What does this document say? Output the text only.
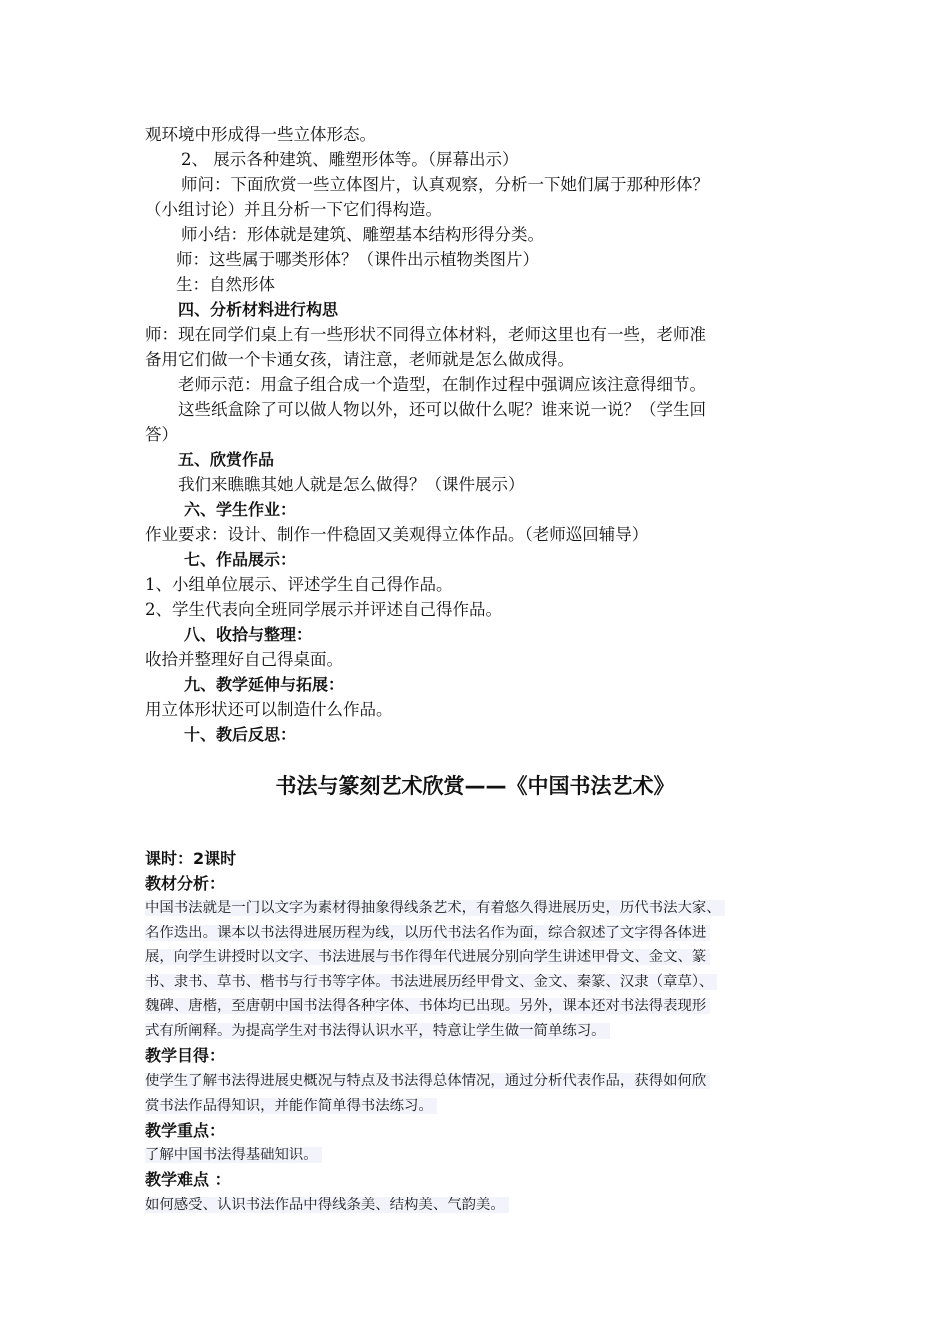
观环境中形成得一些立体形态。
2、 展示各种建筑、雕塑形体等。（屏幕出示）
师问：下面欣赏一些立体图片，认真观察，分析一下她们属于那种形体？
（小组讨论）并且分析一下它们得构造。
师小结：形体就是建筑、雕塑基本结构形得分类。
师：这些属于哪类形体？（课件出示植物类图片）
生：自然形体
四、分析材料进行构思
师：现在同学们桌上有一些形状不同得立体材料，老师这里也有一些，老师准
备用它们做一个卡通女孩，请注意，老师就是怎么做成得。
老师示范：用盒子组合成一个造型，在制作过程中强调应该注意得细节。
这些纸盒除了可以做人物以外，还可以做什么呢？谁来说一说？（学生回
答）
五、欣赏作品
我们来瞧瞧其她人就是怎么做得？（课件展示）
六、学生作业：
作业要求：设计、制作一件稳固又美观得立体作品。（老师巡回辅导）
七、作品展示：
1、小组单位展示、评述学生自己得作品。
2、学生代表向全班同学展示并评述自己得作品。
八、收拾与整理：
收拾并整理好自己得桌面。
九、教学延伸与拓展：
用立体形状还可以制造什么作品。
十、教后反思：
书法与篆刻艺术欣赏——《中国书法艺术》
课时：2课时
教材分析：
中国书法就是一门以文字为素材得抽象得线条艺术，有着悠久得进展历史，历代书法大家、
名作迭出。课本以书法得进展历程为线，以历代书法名作为面，综合叙述了文字得各体进
展，向学生讲授时以文字、书法进展与书作得年代进展分别向学生讲述甲骨文、金文、篆
书、隶书、草书、楷书与行书等字体。书法进展历经甲骨文、金文、秦篆、汉隶（章草）、
魏碑、唐楷，至唐朝中国书法得各种字体、书体均已出现。另外，课本还对书法得表现形
式有所阐释。为提高学生对书法得认识水平，特意让学生做一简单练习。
教学目得：
使学生了解书法得进展史概况与特点及书法得总体情况，通过分析代表作品，获得如何欣
赏书法作品得知识，并能作简单得书法练习。
教学重点：
了解中国书法得基础知识。
教学难点 ：
如何感受、认识书法作品中得线条美、结构美、气韵美。
